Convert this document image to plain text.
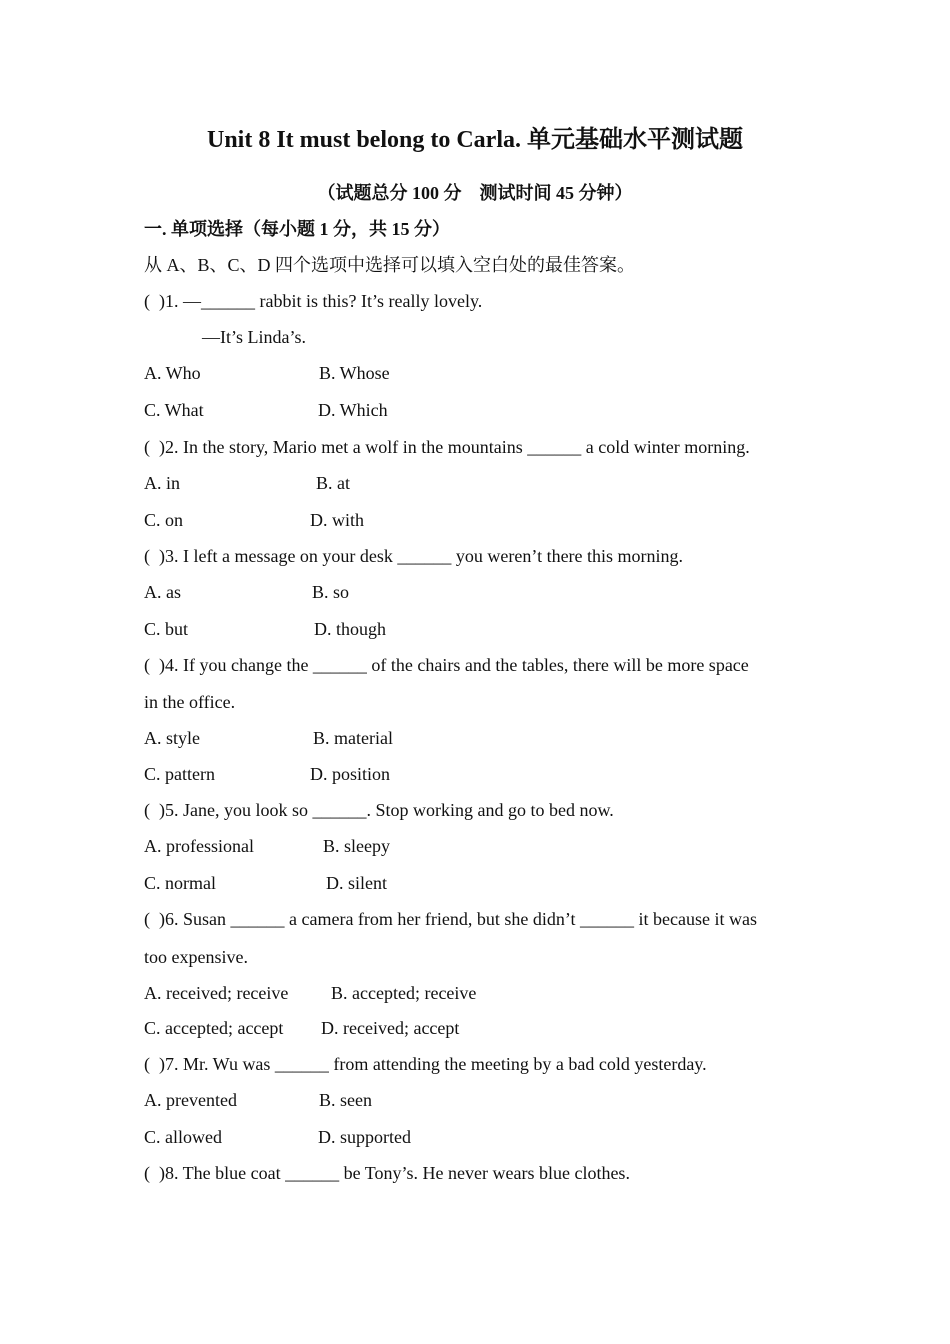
Unit 8 It must belong to Carla. 单元基础水平测试题
（试题总分 100 分    测试时间 45 分钟）
一. 单项选择（每小题 1 分，共 15 分）
从 A、B、C、D 四个选项中选择可以填入空白处的最佳答案。
(  )1. —______ rabbit is this? It’s really lovely.
—It’s Linda’s.
A. Who	B. Whose
C. What	D. Which
(  )2. In the story, Mario met a wolf in the mountains ______ a cold winter morning.
A. in	B. at
C. on	D. with
(  )3. I left a message on your desk ______ you weren’t there this morning.
A. as	B. so
C. but	D. though
(  )4. If you change the ______ of the chairs and the tables, there will be more space
in the office.
A. style	B. material
C. pattern	D. position
(  )5. Jane, you look so ______. Stop working and go to bed now.
A. professional	B. sleepy
C. normal	D. silent
(  )6. Susan ______ a camera from her friend, but she didn’t ______ it because it was
too expensive.
A. received; receive B. accepted; receive
C. accepted; accept D. received; accept
(  )7. Mr. Wu was ______ from attending the meeting by a bad cold yesterday.
A. prevented	B. seen
C. allowed	D. supported
(  )8. The blue coat ______ be Tony’s. He never wears blue clothes.
